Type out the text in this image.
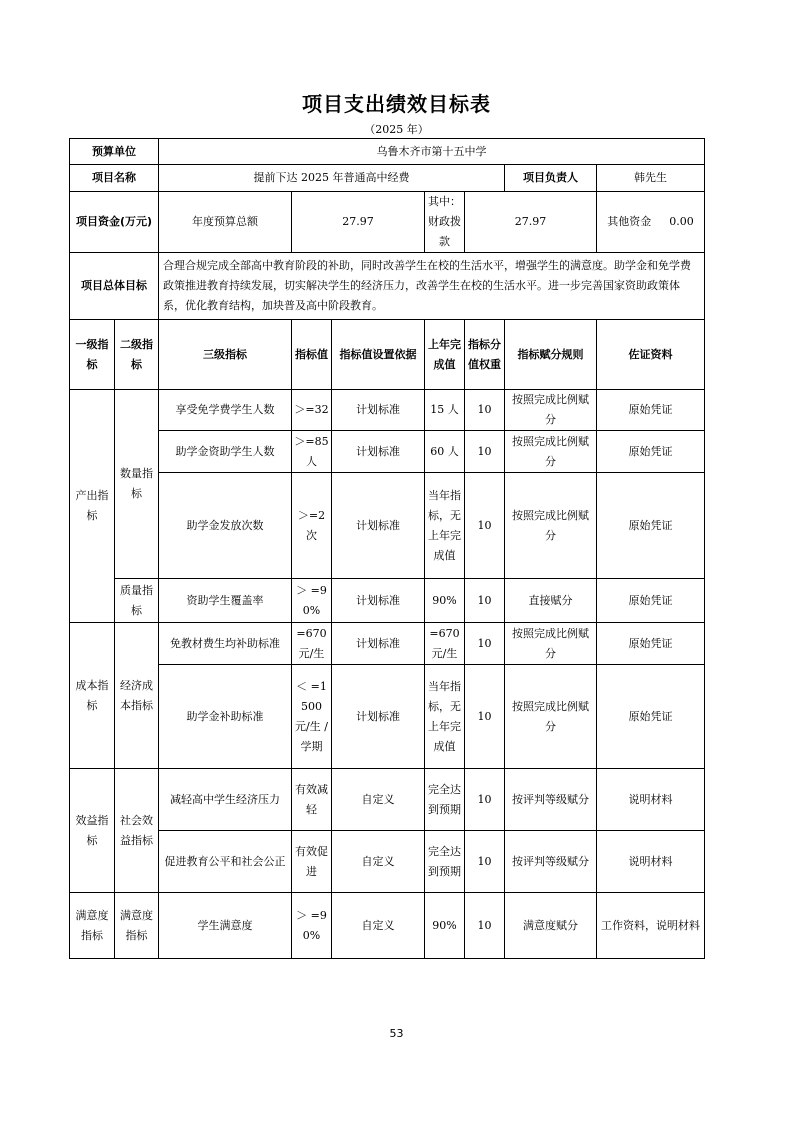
项目支出绩效目标表
（2025 年）
预算单位		乌鲁木齐市第十五中学						
项目名称		提前下达 2025 年普通高中经费					项目负责人	韩先生
项目资金(万元)		年度预算总额	27.97		其中：财政拨款	27.97		其他资金 0.00
项目总体目标		合理合规完成全部高中教育阶段的补助，同时改善学生在校的生活水平，增强学生的满意度。助学金和免学费政策推进教育持续发展，切实解决学生的经济压力，改善学生在校的生活水平。进一步完善国家资助政策体系，优化教育结构，加块普及高中阶段教育。						
一级指标	二级指标	三级指标	指标值	指标值设置依据	上年完成值	指标分值权重	指标赋分规则	佐证资料
产出指标	数量指标	享受免学费学生人数	＞=32	计划标准	15 人	10	按照完成比例赋分	原始凭证
		助学金资助学生人数	＞=85 人	计划标准	60 人	10	按照完成比例赋分	原始凭证
		助学金发放次数	＞=2 次	计划标准	当年指标，无上年完成值	10	按照完成比例赋分	原始凭证
	质量指标	资助学生覆盖率	＞ =90%	计划标准	90%	10	直接赋分	原始凭证
成本指标	经济成本指标	免教材费生均补助标准	=670 元/生	计划标准	=670 元/生	10	按照完成比例赋分	原始凭证
		助学金补助标准	＜ =1500 元/生 /学期	计划标准	当年指标，无上年完成值	10	按照完成比例赋分	原始凭证
效益指标	社会效益指标	减轻高中学生经济压力	有效减轻	自定义	完全达到预期	10	按评判等级赋分	说明材料
		促进教育公平和社会公正	有效促进	自定义	完全达到预期	10	按评判等级赋分	说明材料
满意度指标	满意度指标	学生满意度	＞ =90%	自定义	90%	10	满意度赋分	工作资料，说明材料
53
